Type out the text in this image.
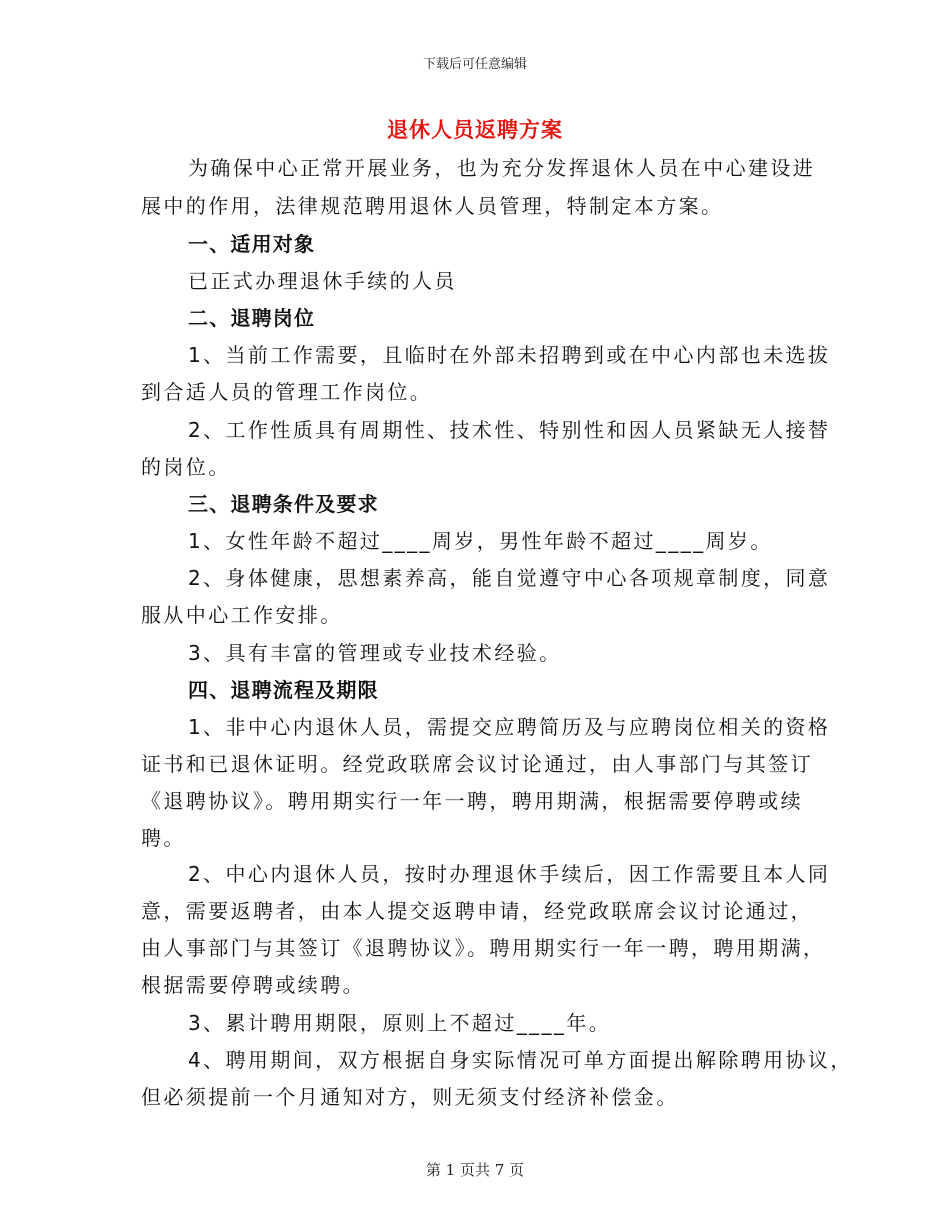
下载后可任意编辑
退休人员返聘方案
为确保中心正常开展业务，也为充分发挥退休人员在中心建设进
展中的作用，法律规范聘用退休人员管理，特制定本方案。
一、适用对象
已正式办理退休手续的人员
二、退聘岗位
1、当前工作需要，且临时在外部未招聘到或在中心内部也未选拔
到合适人员的管理工作岗位。
2、工作性质具有周期性、技术性、特别性和因人员紧缺无人接替
的岗位。
三、退聘条件及要求
1、女性年龄不超过____周岁，男性年龄不超过____周岁。
2、身体健康，思想素养高，能自觉遵守中心各项规章制度，同意
服从中心工作安排。
3、具有丰富的管理或专业技术经验。
四、退聘流程及期限
1、非中心内退休人员，需提交应聘简历及与应聘岗位相关的资格
证书和已退休证明。经党政联席会议讨论通过，由人事部门与其签订
《退聘协议》。聘用期实行一年一聘，聘用期满，根据需要停聘或续
聘。
2、中心内退休人员，按时办理退休手续后，因工作需要且本人同
意，需要返聘者，由本人提交返聘申请，经党政联席会议讨论通过，
由人事部门与其签订《退聘协议》。聘用期实行一年一聘，聘用期满，
根据需要停聘或续聘。
3、累计聘用期限，原则上不超过____年。
4、聘用期间，双方根据自身实际情况可单方面提出解除聘用协议，
但必须提前一个月通知对方，则无须支付经济补偿金。
第 1 页共 7 页
